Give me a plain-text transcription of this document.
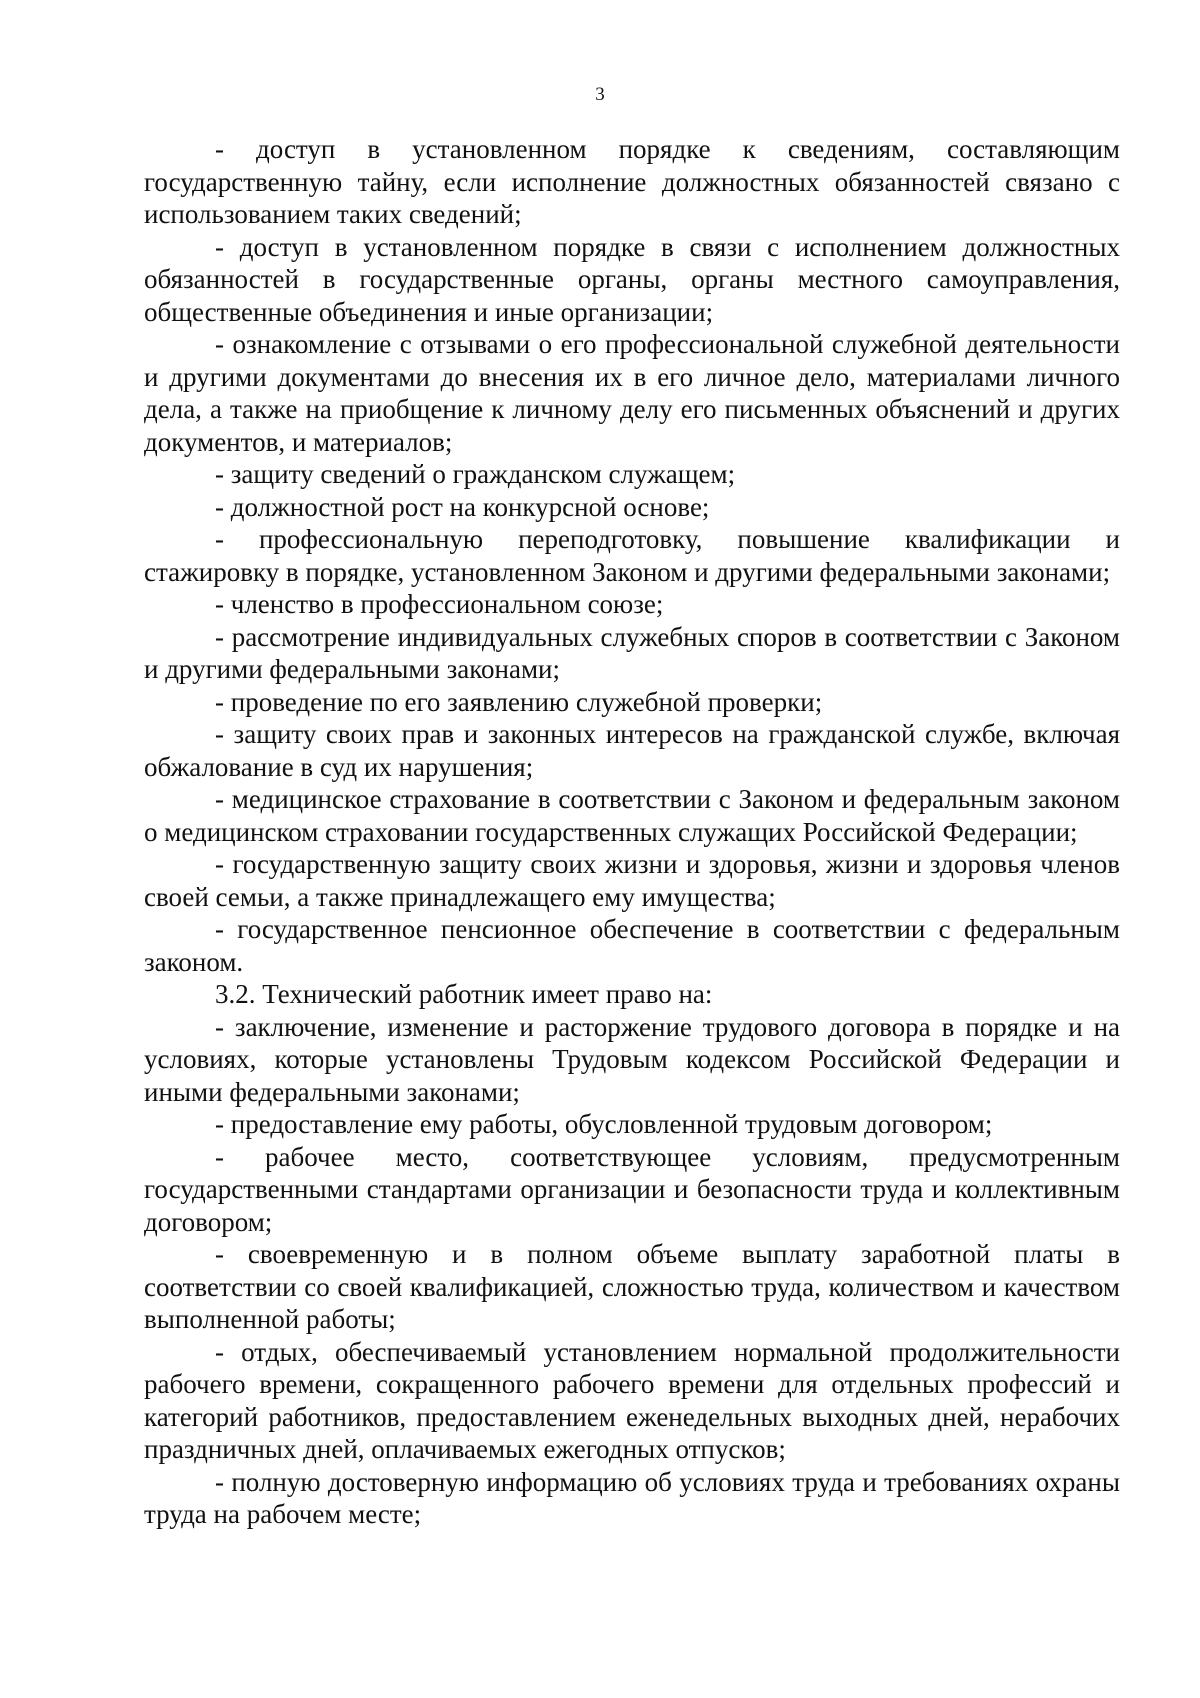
3

- доступ в установленном порядке к сведениям, составляющим государственную тайну, если исполнение должностных обязанностей связано с использованием таких сведений;

- доступ в установленном порядке в связи с исполнением должностных обязанностей в государственные органы, органы местного самоуправления, общественные объединения и иные организации;

- ознакомление с отзывами о его профессиональной служебной деятельности и другими документами до внесения их в его личное дело, материалами личного дела, а также на приобщение к личному делу его письменных объяснений и других документов, и материалов;

- защиту сведений о гражданском служащем;

- должностной рост на конкурсной основе;

- профессиональную переподготовку, повышение квалификации и стажировку в порядке, установленном Законом и другими федеральными законами;

- членство в профессиональном союзе;

- рассмотрение индивидуальных служебных споров в соответствии с Законом и другими федеральными законами;

- проведение по его заявлению служебной проверки;

- защиту своих прав и законных интересов на гражданской службе, включая обжалование в суд их нарушения;

- медицинское страхование в соответствии с Законом и федеральным законом о медицинском страховании государственных служащих Российской Федерации;

- государственную защиту своих жизни и здоровья, жизни и здоровья членов своей семьи, а также принадлежащего ему имущества;

- государственное пенсионное обеспечение в соответствии с федеральным законом.

3.2. Технический работник имеет право на:

- заключение, изменение и расторжение трудового договора в порядке и на условиях, которые установлены Трудовым кодексом Российской Федерации и иными федеральными законами;

- предоставление ему работы, обусловленной трудовым договором;

- рабочее место, соответствующее условиям, предусмотренным государственными стандартами организации и безопасности труда и коллективным договором;

- своевременную и в полном объеме выплату заработной платы в соответствии со своей квалификацией, сложностью труда, количеством и качеством выполненной работы;

- отдых, обеспечиваемый установлением нормальной продолжительности рабочего времени, сокращенного рабочего времени для отдельных профессий и категорий работников, предоставлением еженедельных выходных дней, нерабочих праздничных дней, оплачиваемых ежегодных отпусков;

- полную достоверную информацию об условиях труда и требованиях охраны труда на рабочем месте;
